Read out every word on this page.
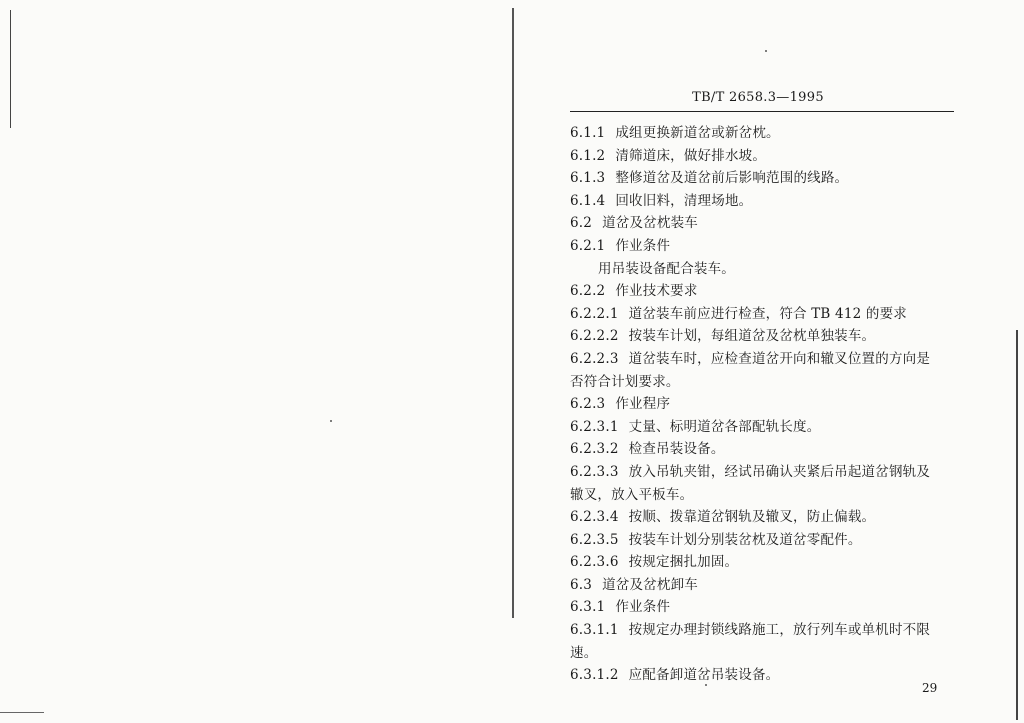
TB/T 2658.3—1995
6.1.1 成组更换新道岔或新岔枕。
6.1.2 清筛道床，做好排水坡。
6.1.3 整修道岔及道岔前后影响范围的线路。
6.1.4 回收旧料，清理场地。
6.2 道岔及岔枕装车
6.2.1 作业条件
用吊装设备配合装车。
6.2.2 作业技术要求
6.2.2.1 道岔装车前应进行检查，符合 TB 412 的要求
6.2.2.2 按装车计划，每组道岔及岔枕单独装车。
6.2.2.3 道岔装车时，应检查道岔开向和辙叉位置的方向是
否符合计划要求。
6.2.3 作业程序
6.2.3.1 丈量、标明道岔各部配轨长度。
6.2.3.2 检查吊装设备。
6.2.3.3 放入吊轨夹钳，经试吊确认夹紧后吊起道岔钢轨及
辙叉，放入平板车。
6.2.3.4 按顺、拨靠道岔钢轨及辙叉，防止偏载。
6.2.3.5 按装车计划分别装岔枕及道岔零配件。
6.2.3.6 按规定捆扎加固。
6.3 道岔及岔枕卸车
6.3.1 作业条件
6.3.1.1 按规定办理封锁线路施工，放行列车或单机时不限
速。
6.3.1.2 应配备卸道岔吊装设备。
29
